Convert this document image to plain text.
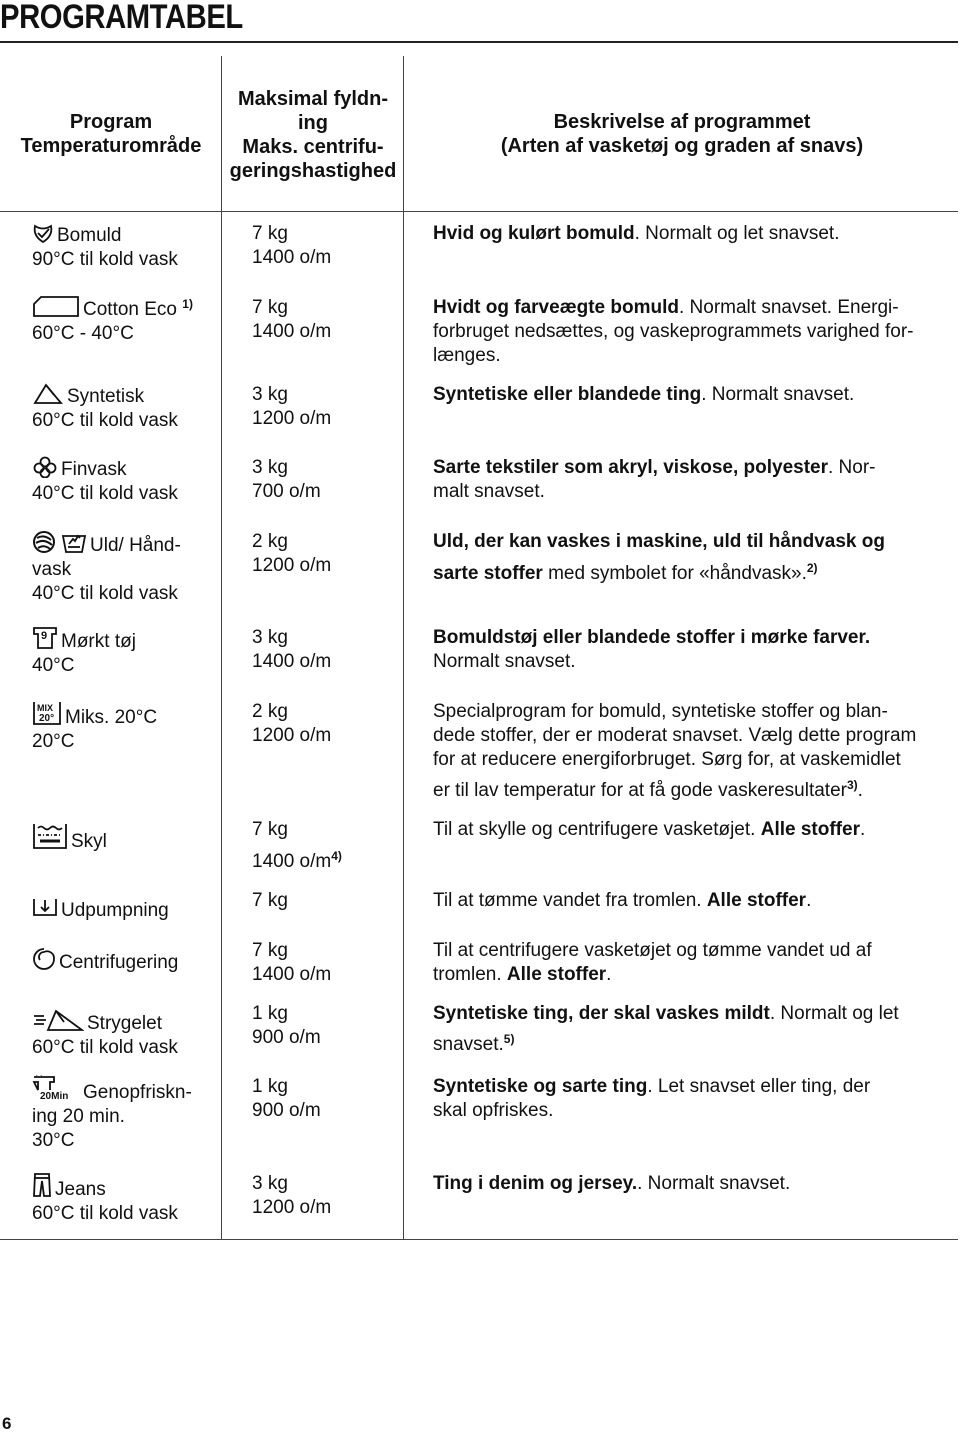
PROGRAMTABEL
Program
Temperaturområde
Maksimal fyldn-
ing
Maks. centrifu-
geringshastighed
Beskrivelse af programmet
(Arten af vasketøj og graden af snavs)
Bomuld
90°C til kold vask
7 kg
1400 o/m
Hvid og kulørt bomuld. Normalt og let snavset.
Cotton Eco $^{1)}$
60°C - 40°C
7 kg
1400 o/m
Hvidt og farveægte bomuld. Normalt snavset. Energi-
forbruget nedsættes, og vaskeprogrammets varighed for-
længes.
Syntetisk
60°C til kold vask
3 kg
1200 o/m
Syntetiske eller blandede ting. Normalt snavset.
Finvask
40°C til kold vask
3 kg
700 o/m
Sarte tekstiler som akryl, viskose, polyester. Nor-
malt snavset.
Uld/ Hånd-
vask
40°C til kold vask
2 kg
1200 o/m
Uld, der kan vaskes i maskine, uld til håndvask og
sarte stoffer med symbolet for «håndvask».$^{2)}$
9 Mørkt tøj
40°C
3 kg
1400 o/m
Bomuldstøj eller blandede stoffer i mørke farver.
Normalt snavset.
MIX
20° Miks. 20°C
20°C
2 kg
1200 o/m
Specialprogram for bomuld, syntetiske stoffer og blan-
dede stoffer, der er moderat snavset. Vælg dette program
for at reducere energiforbruget. Sørg for, at vaskemidlet
er til lav temperatur for at få gode vaskeresultater$^{3)}$.
Skyl
7 kg
1400 $o/m^{4)}$
Til at skylle og centrifugere vasketøjet. Alle stoffer.
Udpumpning	7 kg	Til at tømme vandet fra tromlen. Alle stoffer.
Centrifugering
7 kg
1400 o/m
Til at centrifugere vasketøjet og tømme vandet ud af
tromlen. Alle stoffer.
Strygelet
60°C til kold vask
1 kg
900 o/m
Syntetiske ting, der skal vaskes mildt. Normalt og let
snavset.$^{5)}$
20Min Genopfriskn-
ing 20 min.
30°C
1 kg
900 o/m
Syntetiske og sarte ting. Let snavset eller ting, der
skal opfriskes.
Jeans
60°C til kold vask
3 kg
1200 o/m
Ting i denim og jersey.. Normalt snavset.
6
